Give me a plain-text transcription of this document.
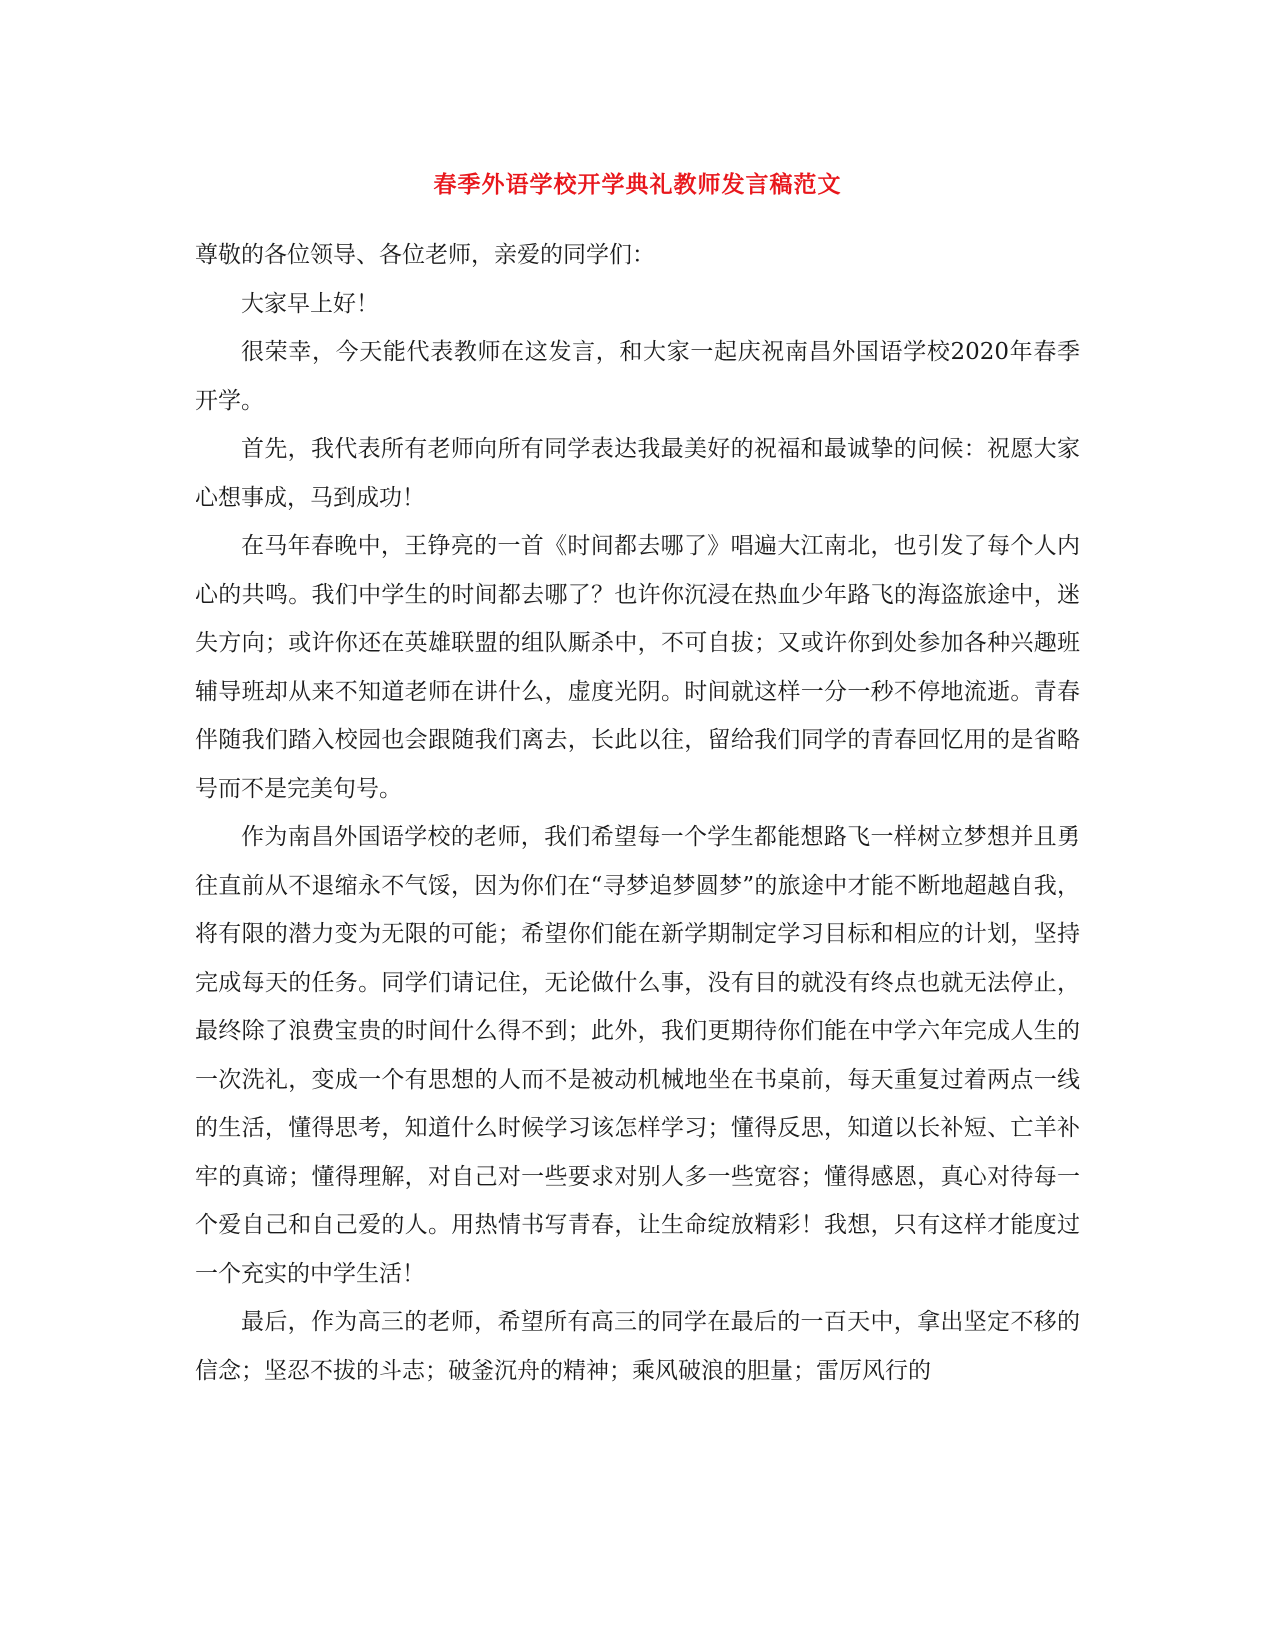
春季外语学校开学典礼教师发言稿范文

尊敬的各位领导、各位老师，亲爱的同学们：

大家早上好！

很荣幸，今天能代表教师在这发言，和大家一起庆祝南昌外国语学校2020年春季开学。

首先，我代表所有老师向所有同学表达我最美好的祝福和最诚挚的问候：祝愿大家心想事成，马到成功！

在马年春晚中，王铮亮的一首《时间都去哪了》唱遍大江南北，也引发了每个人内心的共鸣。我们中学生的时间都去哪了？也许你沉浸在热血少年路飞的海盗旅途中，迷失方向；或许你还在英雄联盟的组队厮杀中，不可自拔；又或许你到处参加各种兴趣班辅导班却从来不知道老师在讲什么，虚度光阴。时间就这样一分一秒不停地流逝。青春伴随我们踏入校园也会跟随我们离去，长此以往，留给我们同学的青春回忆用的是省略号而不是完美句号。

作为南昌外国语学校的老师，我们希望每一个学生都能想路飞一样树立梦想并且勇往直前从不退缩永不气馁，因为你们在“寻梦追梦圆梦”的旅途中才能不断地超越自我，将有限的潜力变为无限的可能；希望你们能在新学期制定学习目标和相应的计划，坚持完成每天的任务。同学们请记住，无论做什么事，没有目的就没有终点也就无法停止，最终除了浪费宝贵的时间什么得不到；此外，我们更期待你们能在中学六年完成人生的一次洗礼，变成一个有思想的人而不是被动机械地坐在书桌前，每天重复过着两点一线的生活，懂得思考，知道什么时候学习该怎样学习；懂得反思，知道以长补短、亡羊补牢的真谛；懂得理解，对自己对一些要求对别人多一些宽容；懂得感恩，真心对待每一个爱自己和自己爱的人。用热情书写青春，让生命绽放精彩！我想，只有这样才能度过一个充实的中学生活！

最后，作为高三的老师，希望所有高三的同学在最后的一百天中，拿出坚定不移的信念；坚忍不拔的斗志；破釜沉舟的精神；乘风破浪的胆量；雷厉风行的
